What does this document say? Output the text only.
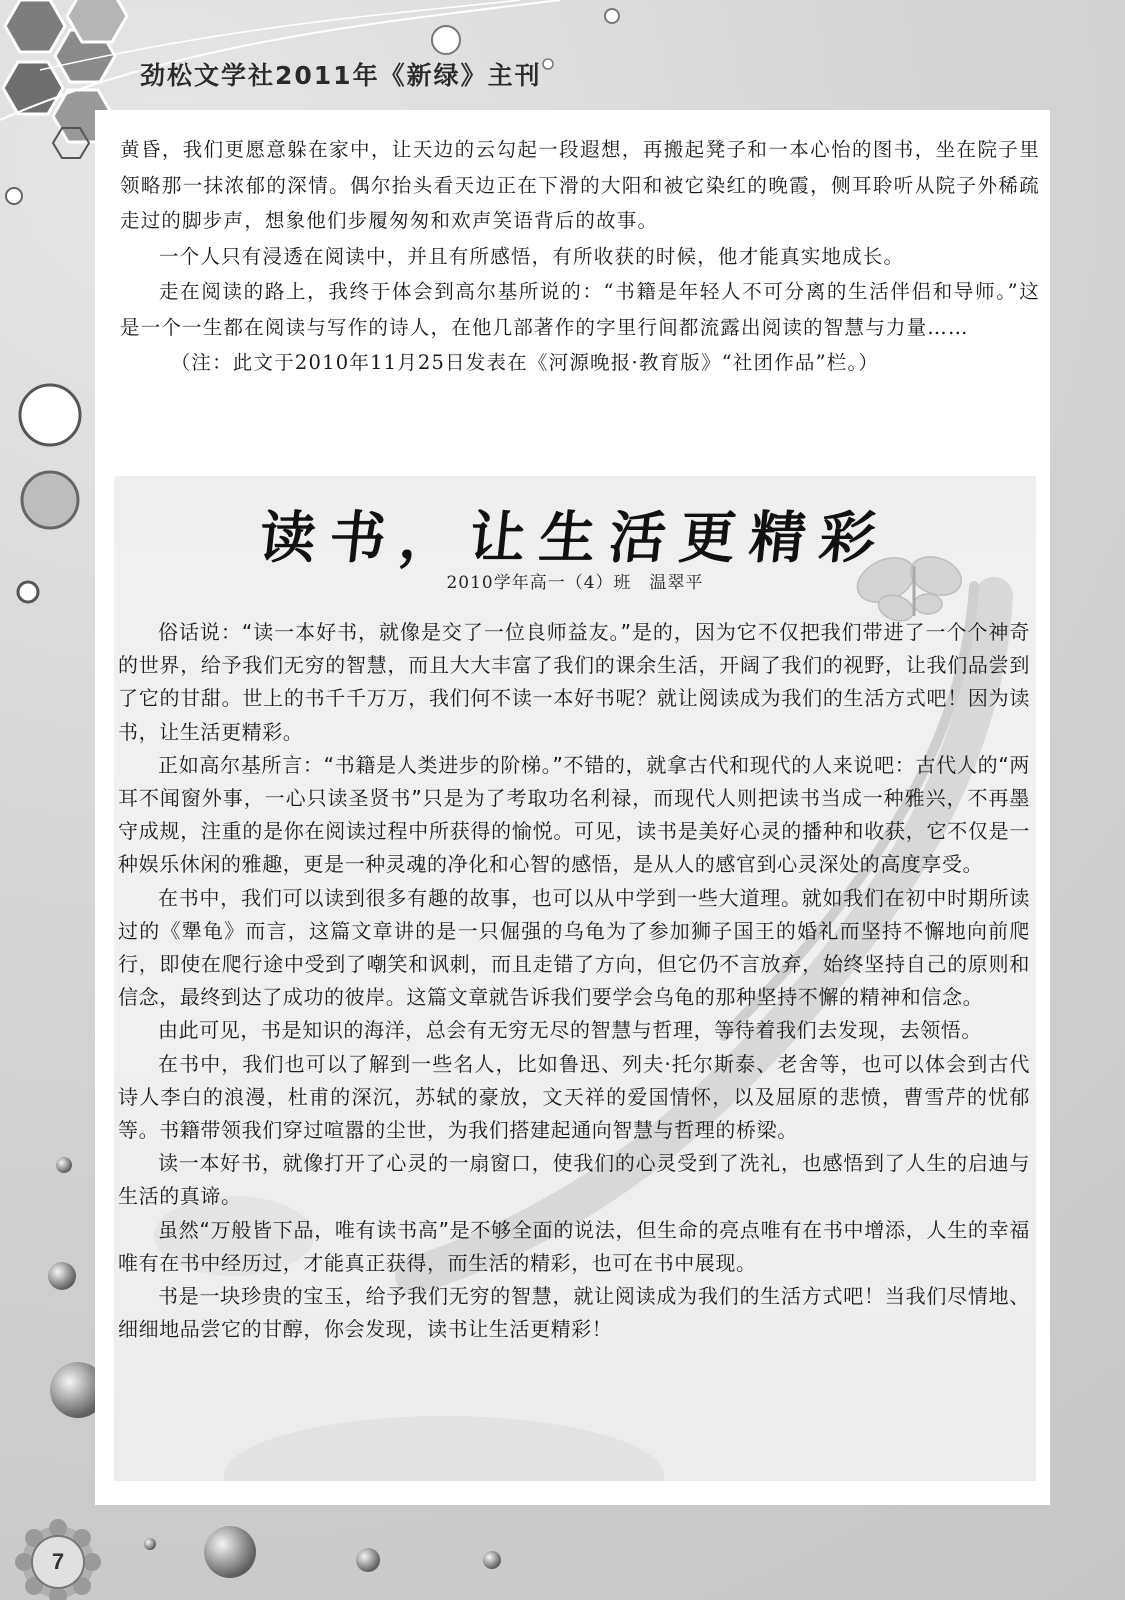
劲松文学社2011年《新绿》主刊

黄昏，我们更愿意躲在家中，让天边的云勾起一段遐想，再搬起凳子和一本心怡的图书，坐在院子里领略那一抹浓郁的深情。偶尔抬头看天边正在下滑的大阳和被它染红的晚霞，侧耳聆听从院子外稀疏走过的脚步声，想象他们步履匆匆和欢声笑语背后的故事。

一个人只有浸透在阅读中，并且有所感悟，有所收获的时候，他才能真实地成长。

走在阅读的路上，我终于体会到高尔基所说的：“书籍是年轻人不可分离的生活伴侣和导师。”这是一个一生都在阅读与写作的诗人，在他几部著作的字里行间都流露出阅读的智慧与力量……

（注：此文于2010年11月25日发表在《河源晚报·教育版》“社团作品”栏。）

读书，让生活更精彩
2010学年高一（4）班　温翠平

俗话说：“读一本好书，就像是交了一位良师益友。”是的，因为它不仅把我们带进了一个个神奇的世界，给予我们无穷的智慧，而且大大丰富了我们的课余生活，开阔了我们的视野，让我们品尝到了它的甘甜。世上的书千千万万，我们何不读一本好书呢？就让阅读成为我们的生活方式吧！因为读书，让生活更精彩。

正如高尔基所言：“书籍是人类进步的阶梯。”不错的，就拿古代和现代的人来说吧：古代人的“两耳不闻窗外事，一心只读圣贤书”只是为了考取功名利禄，而现代人则把读书当成一种雅兴，不再墨守成规，注重的是你在阅读过程中所获得的愉悦。可见，读书是美好心灵的播种和收获，它不仅是一种娱乐休闲的雅趣，更是一种灵魂的净化和心智的感悟，是从人的感官到心灵深处的高度享受。

在书中，我们可以读到很多有趣的故事，也可以从中学到一些大道理。就如我们在初中时期所读过的《犟龟》而言，这篇文章讲的是一只倔强的乌龟为了参加狮子国王的婚礼而坚持不懈地向前爬行，即使在爬行途中受到了嘲笑和讽刺，而且走错了方向，但它仍不言放弃，始终坚持自己的原则和信念，最终到达了成功的彼岸。这篇文章就告诉我们要学会乌龟的那种坚持不懈的精神和信念。

由此可见，书是知识的海洋，总会有无穷无尽的智慧与哲理，等待着我们去发现，去领悟。

在书中，我们也可以了解到一些名人，比如鲁迅、列夫·托尔斯泰、老舍等，也可以体会到古代诗人李白的浪漫，杜甫的深沉，苏轼的豪放，文天祥的爱国情怀，以及屈原的悲愤，曹雪芹的忧郁等。书籍带领我们穿过喧嚣的尘世，为我们搭建起通向智慧与哲理的桥梁。

读一本好书，就像打开了心灵的一扇窗口，使我们的心灵受到了洗礼，也感悟到了人生的启迪与生活的真谛。

虽然“万般皆下品，唯有读书高”是不够全面的说法，但生命的亮点唯有在书中增添，人生的幸福唯有在书中经历过，才能真正获得，而生活的精彩，也可在书中展现。

书是一块珍贵的宝玉，给予我们无穷的智慧，就让阅读成为我们的生活方式吧！当我们尽情地、细细地品尝它的甘醇，你会发现，读书让生活更精彩！

7
